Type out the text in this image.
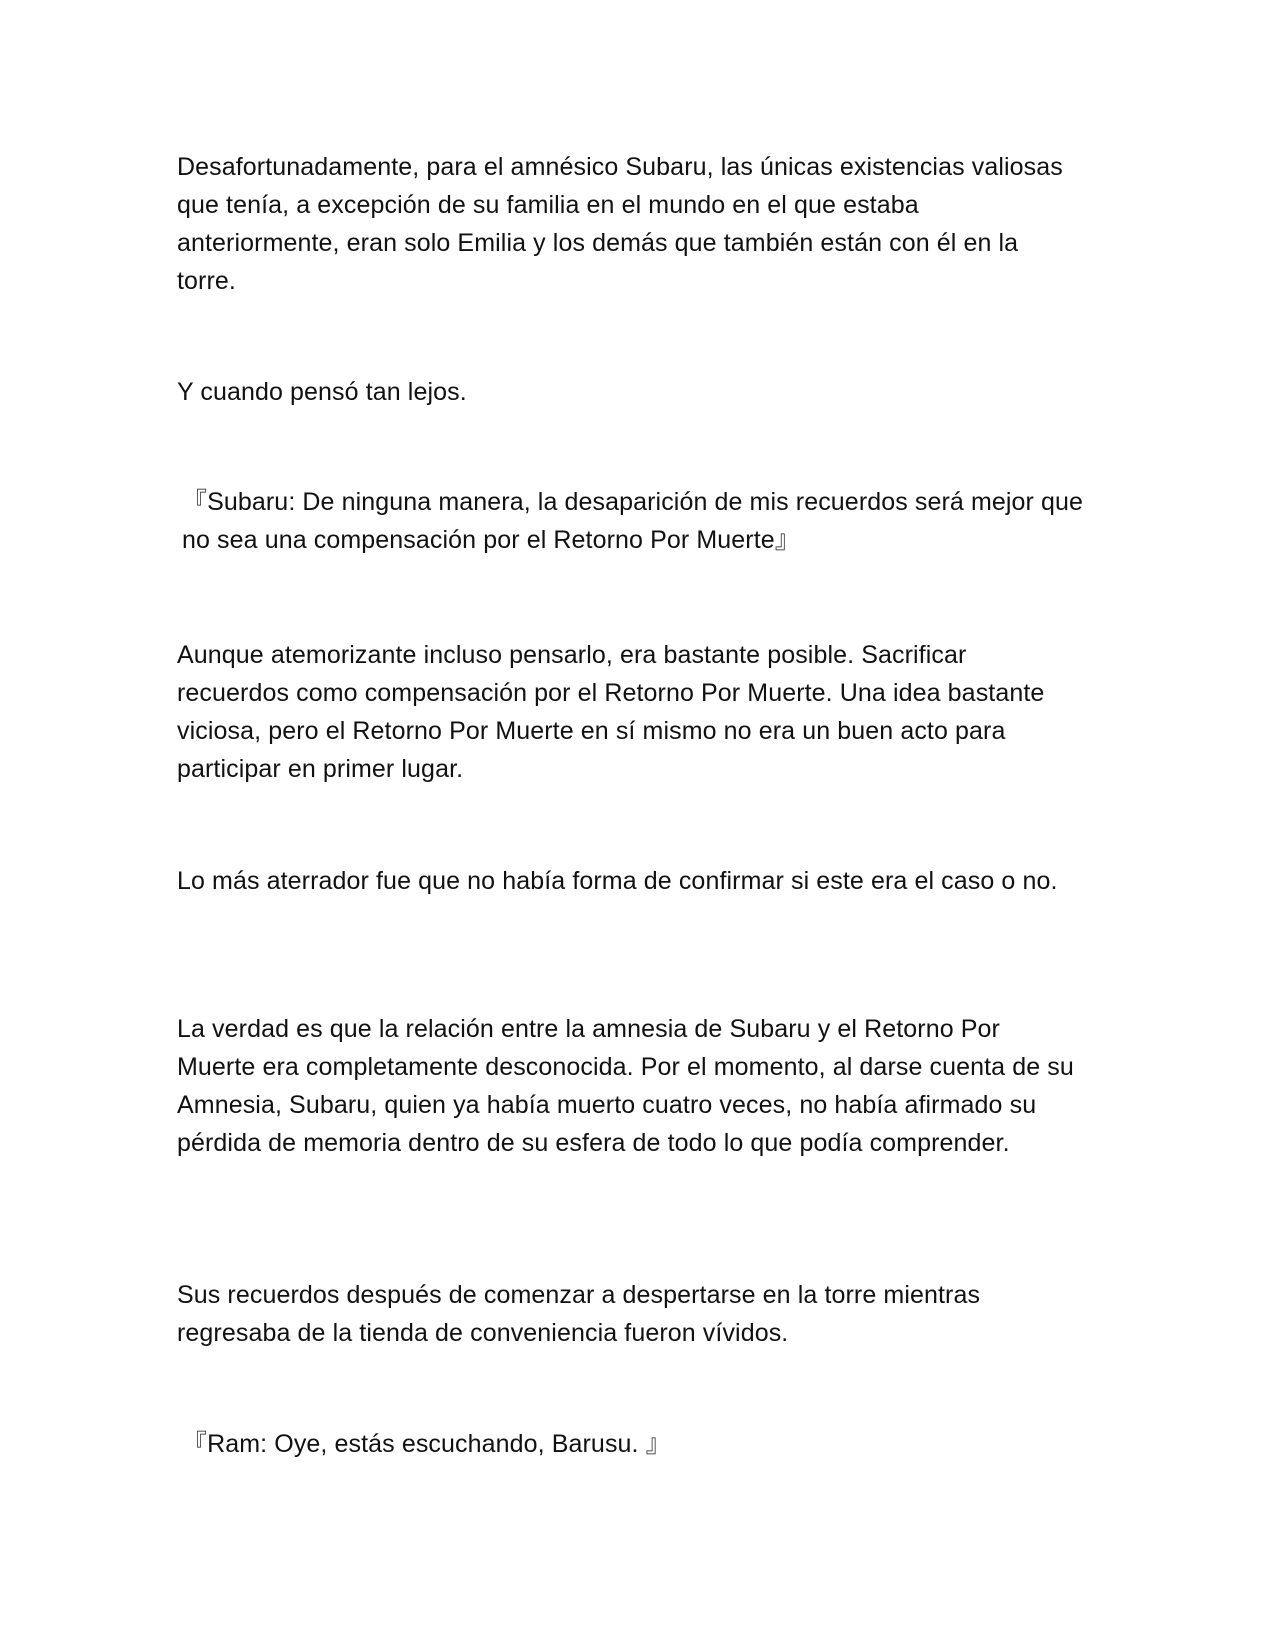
Desafortunadamente, para el amnésico Subaru, las únicas existencias valiosas que tenía, a excepción de su familia en el mundo en el que estaba anteriormente, eran solo Emilia y los demás que también están con él en la torre.

Y cuando pensó tan lejos.

『Subaru: De ninguna manera, la desaparición de mis recuerdos será mejor que no sea una compensación por el Retorno Por Muerte』

Aunque atemorizante incluso pensarlo, era bastante posible. Sacrificar recuerdos como compensación por el Retorno Por Muerte. Una idea bastante viciosa, pero el Retorno Por Muerte en sí mismo no era un buen acto para participar en primer lugar.

Lo más aterrador fue que no había forma de confirmar si este era el caso o no.

La verdad es que la relación entre la amnesia de Subaru y el Retorno Por Muerte era completamente desconocida. Por el momento, al darse cuenta de su Amnesia, Subaru, quien ya había muerto cuatro veces, no había afirmado su pérdida de memoria dentro de su esfera de todo lo que podía comprender.

Sus recuerdos después de comenzar a despertarse en la torre mientras regresaba de la tienda de conveniencia fueron vívidos.

『Ram: Oye, estás escuchando, Barusu. 』
